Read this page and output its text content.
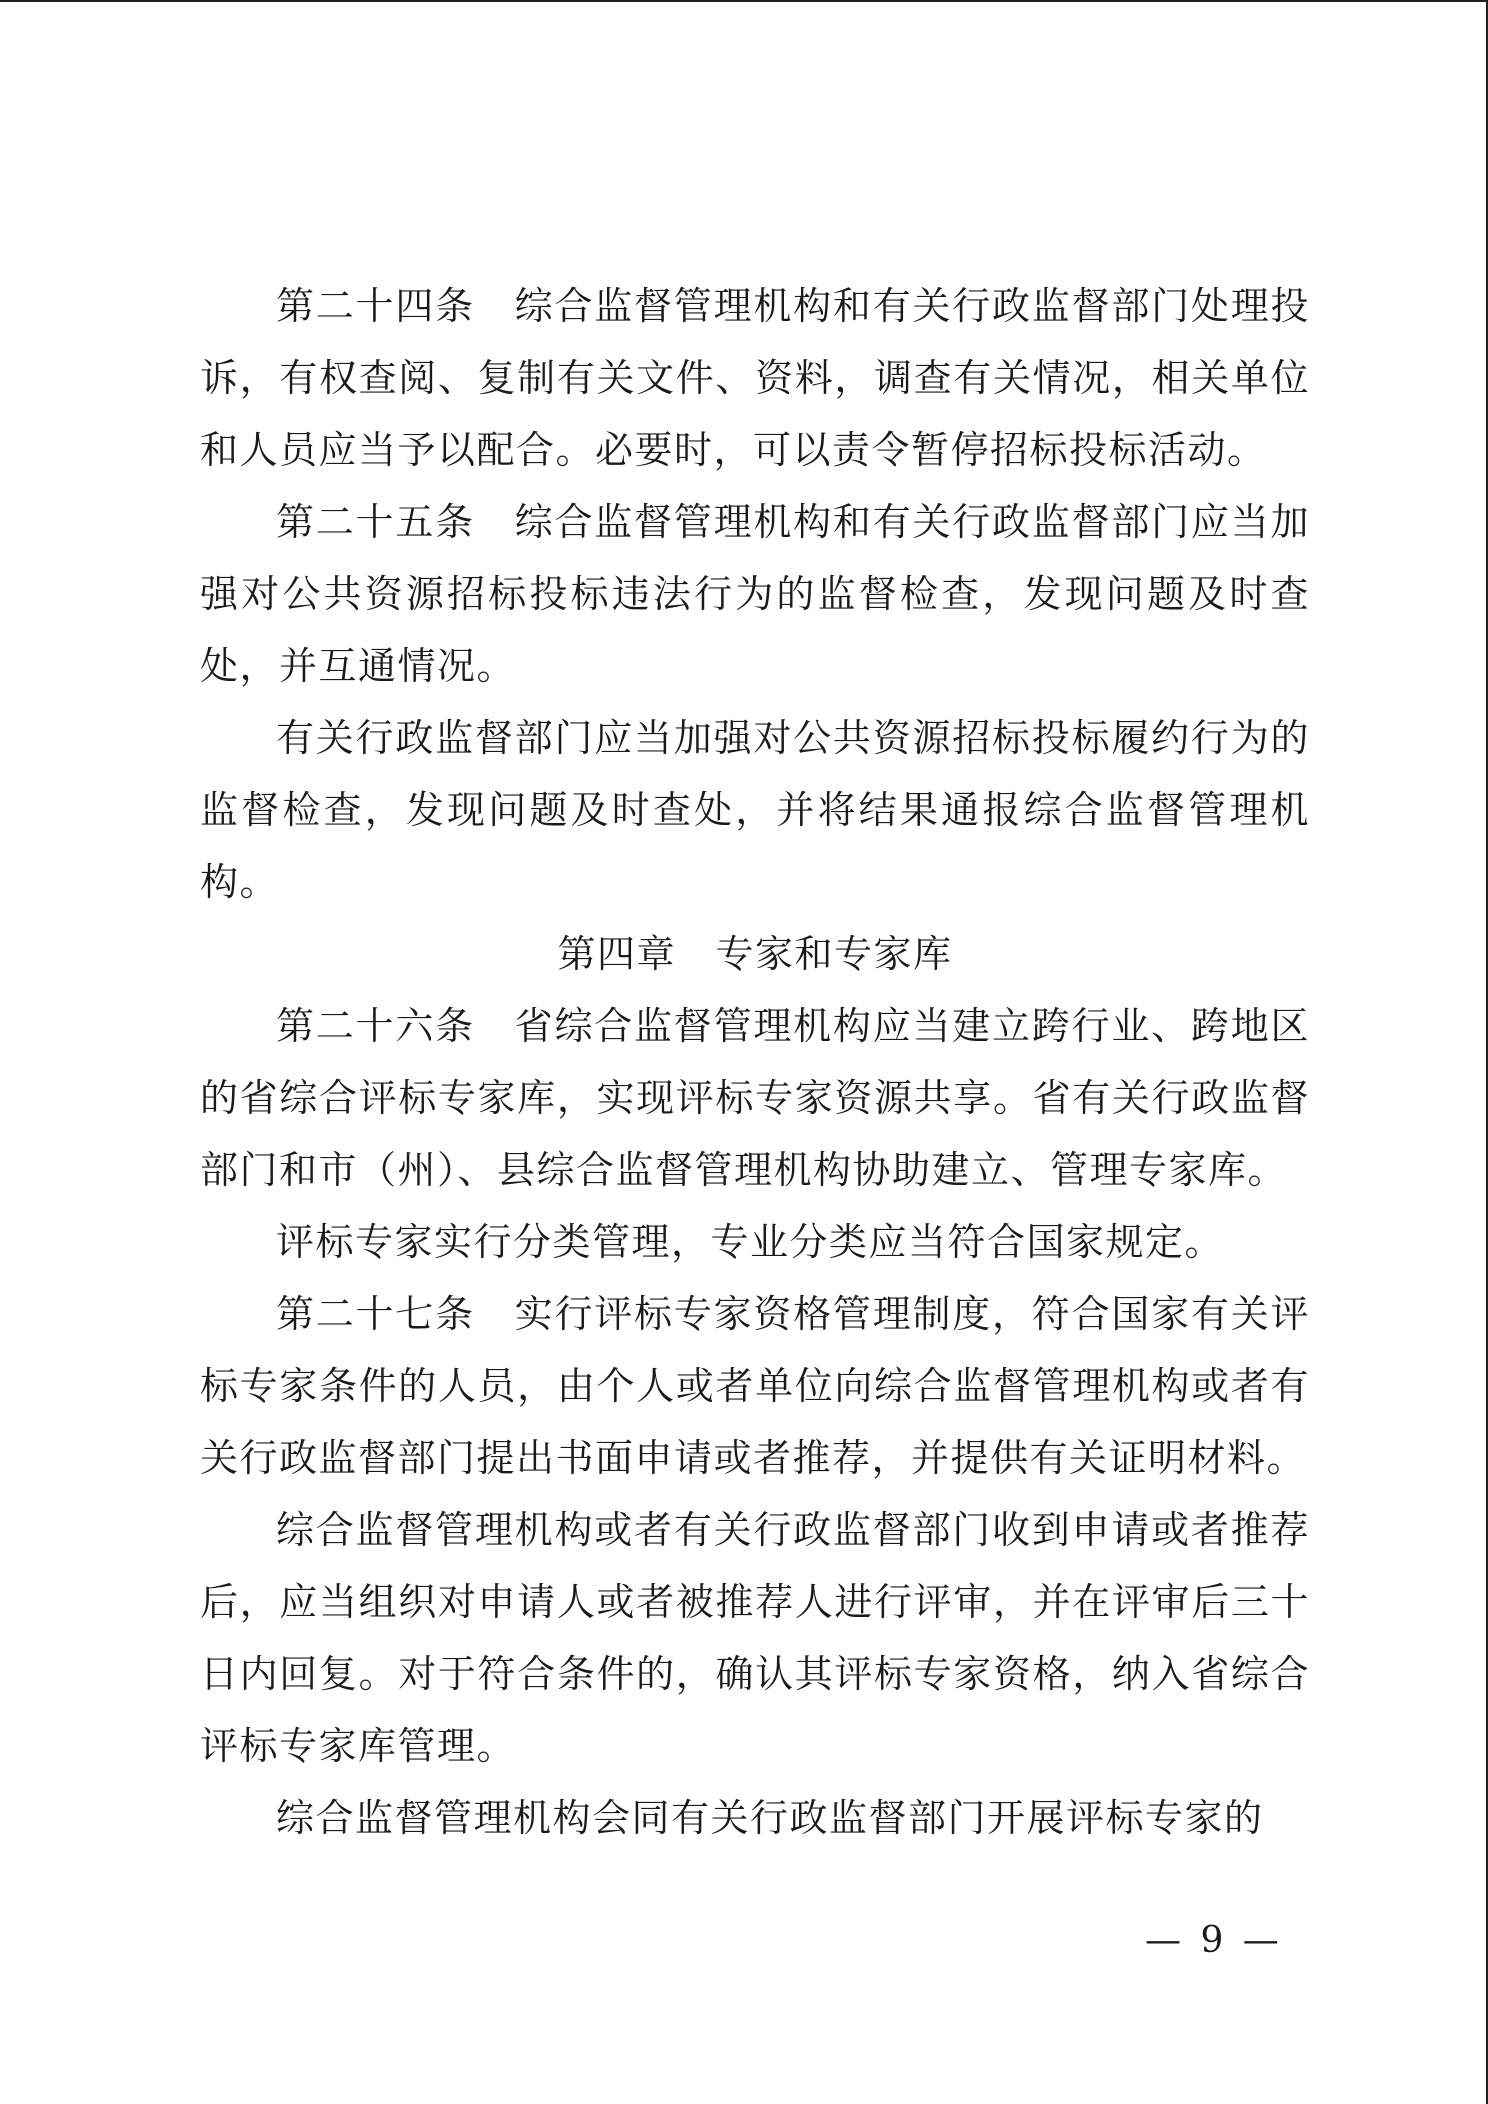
第二十四条　综合监督管理机构和有关行政监督部门处理投诉，有权查阅、复制有关文件、资料，调查有关情况，相关单位和人员应当予以配合。必要时，可以责令暂停招标投标活动。

第二十五条　综合监督管理机构和有关行政监督部门应当加强对公共资源招标投标违法行为的监督检查，发现问题及时查处，并互通情况。

有关行政监督部门应当加强对公共资源招标投标履约行为的监督检查，发现问题及时查处，并将结果通报综合监督管理机构。

第四章　专家和专家库

第二十六条　省综合监督管理机构应当建立跨行业、跨地区的省综合评标专家库，实现评标专家资源共享。省有关行政监督部门和市（州）、县综合监督管理机构协助建立、管理专家库。

评标专家实行分类管理，专业分类应当符合国家规定。

第二十七条　实行评标专家资格管理制度，符合国家有关评标专家条件的人员，由个人或者单位向综合监督管理机构或者有关行政监督部门提出书面申请或者推荐，并提供有关证明材料。

综合监督管理机构或者有关行政监督部门收到申请或者推荐后，应当组织对申请人或者被推荐人进行评审，并在评审后三十日内回复。对于符合条件的，确认其评标专家资格，纳入省综合评标专家库管理。

综合监督管理机构会同有关行政监督部门开展评标专家的

— 9 —
